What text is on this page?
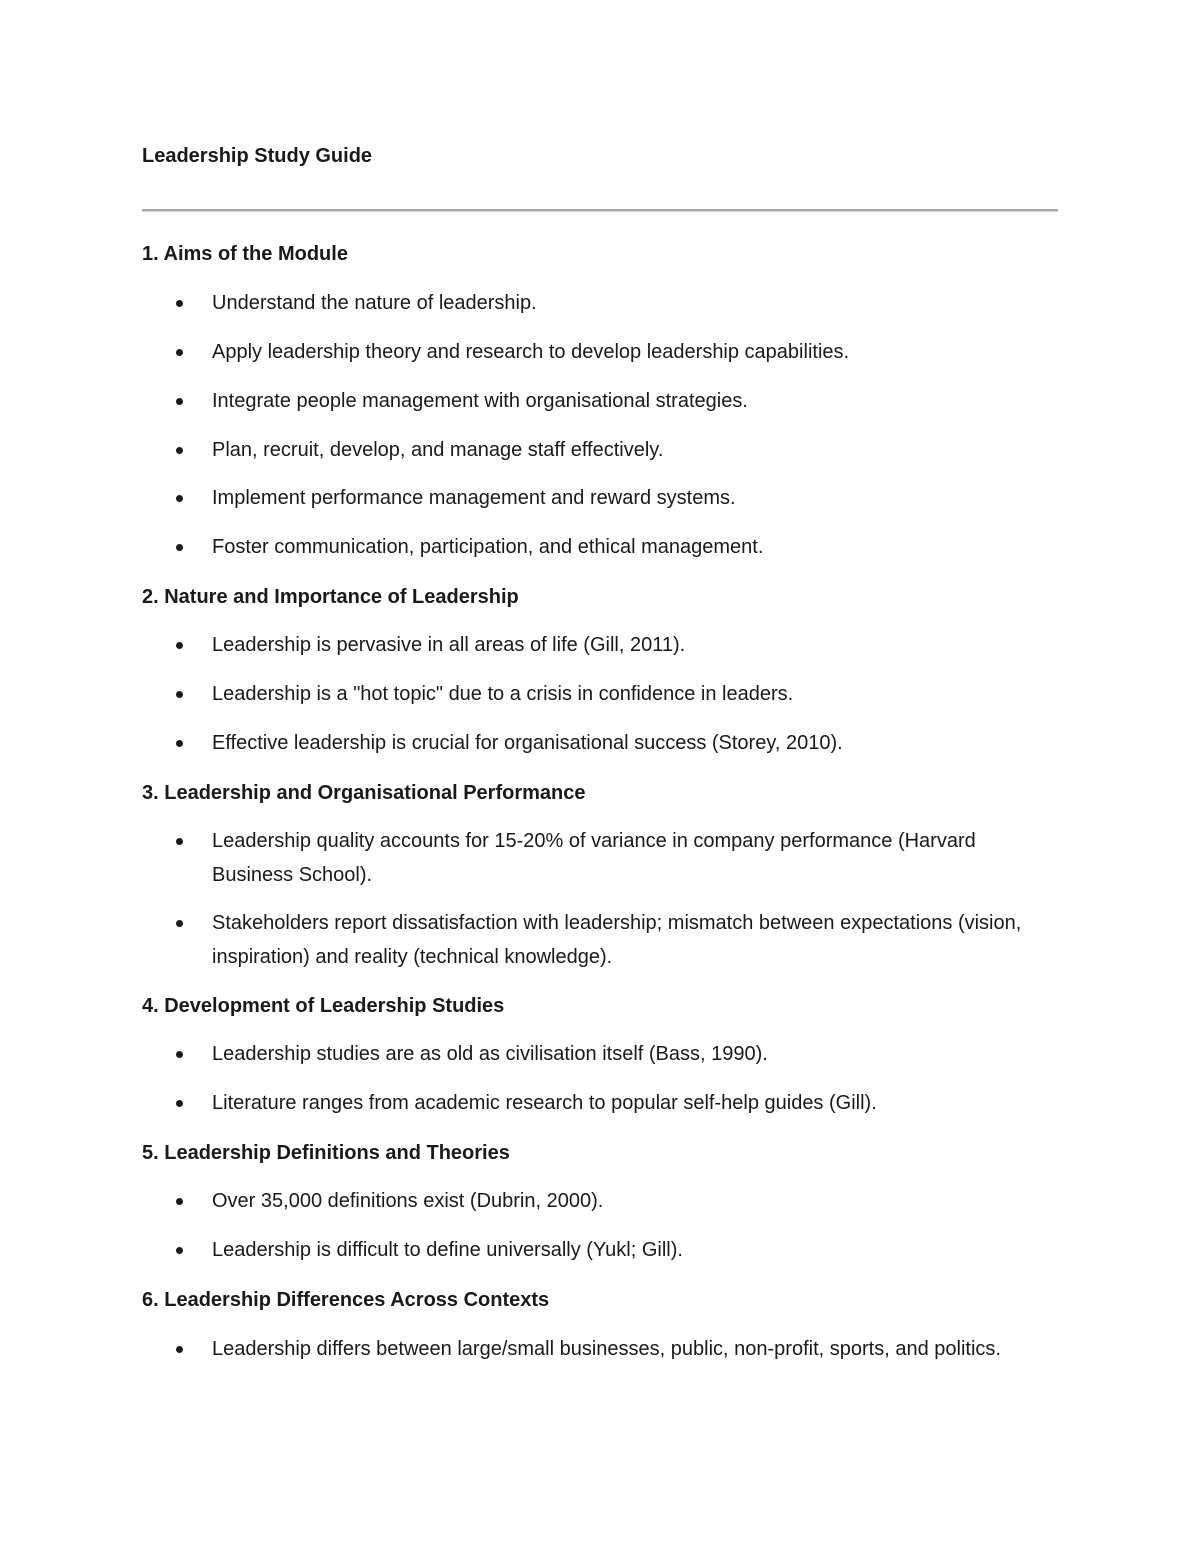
Leadership Study Guide
1. Aims of the Module
Understand the nature of leadership.
Apply leadership theory and research to develop leadership capabilities.
Integrate people management with organisational strategies.
Plan, recruit, develop, and manage staff effectively.
Implement performance management and reward systems.
Foster communication, participation, and ethical management.
2. Nature and Importance of Leadership
Leadership is pervasive in all areas of life (Gill, 2011).
Leadership is a "hot topic" due to a crisis in confidence in leaders.
Effective leadership is crucial for organisational success (Storey, 2010).
3. Leadership and Organisational Performance
Leadership quality accounts for 15-20% of variance in company performance (Harvard Business School).
Stakeholders report dissatisfaction with leadership; mismatch between expectations (vision, inspiration) and reality (technical knowledge).
4. Development of Leadership Studies
Leadership studies are as old as civilisation itself (Bass, 1990).
Literature ranges from academic research to popular self-help guides (Gill).
5. Leadership Definitions and Theories
Over 35,000 definitions exist (Dubrin, 2000).
Leadership is difficult to define universally (Yukl; Gill).
6. Leadership Differences Across Contexts
Leadership differs between large/small businesses, public, non-profit, sports, and politics.
